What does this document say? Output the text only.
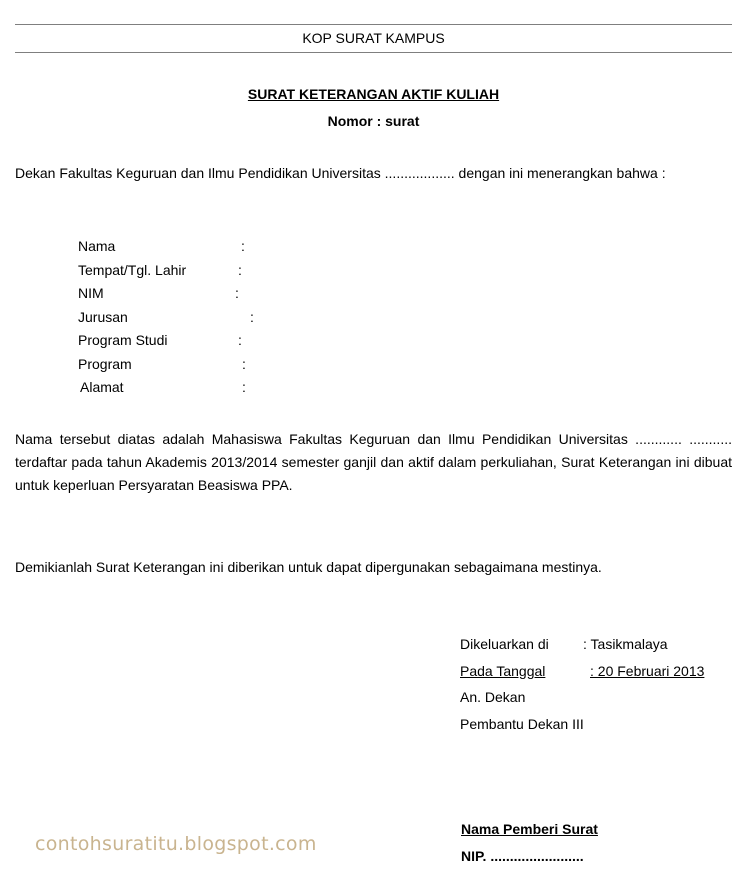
KOP SURAT KAMPUS
SURAT KETERANGAN AKTIF KULIAH
Nomor : surat
Dekan Fakultas Keguruan dan Ilmu Pendidikan Universitas .................. dengan ini menerangkan bahwa :
Nama	:
Tempat/Tgl. Lahir	:
NIM	:
Jurusan	:
Program Studi	:
Program	:
Alamat	:
Nama tersebut diatas adalah Mahasiswa Fakultas Keguruan dan Ilmu Pendidikan Universitas ............ ........... terdaftar pada tahun Akademis 2013/2014 semester ganjil dan aktif dalam perkuliahan, Surat Keterangan ini dibuat untuk keperluan Persyaratan Beasiswa PPA.
Demikianlah Surat Keterangan ini diberikan untuk dapat dipergunakan sebagaimana mestinya.
Dikeluarkan di : Tasikmalaya
Pada Tanggal	: 20 Februari 2013
An. Dekan
Pembantu Dekan III
Nama Pemberi Surat
NIP. ........................
contohsuratitu.blogspot.com
